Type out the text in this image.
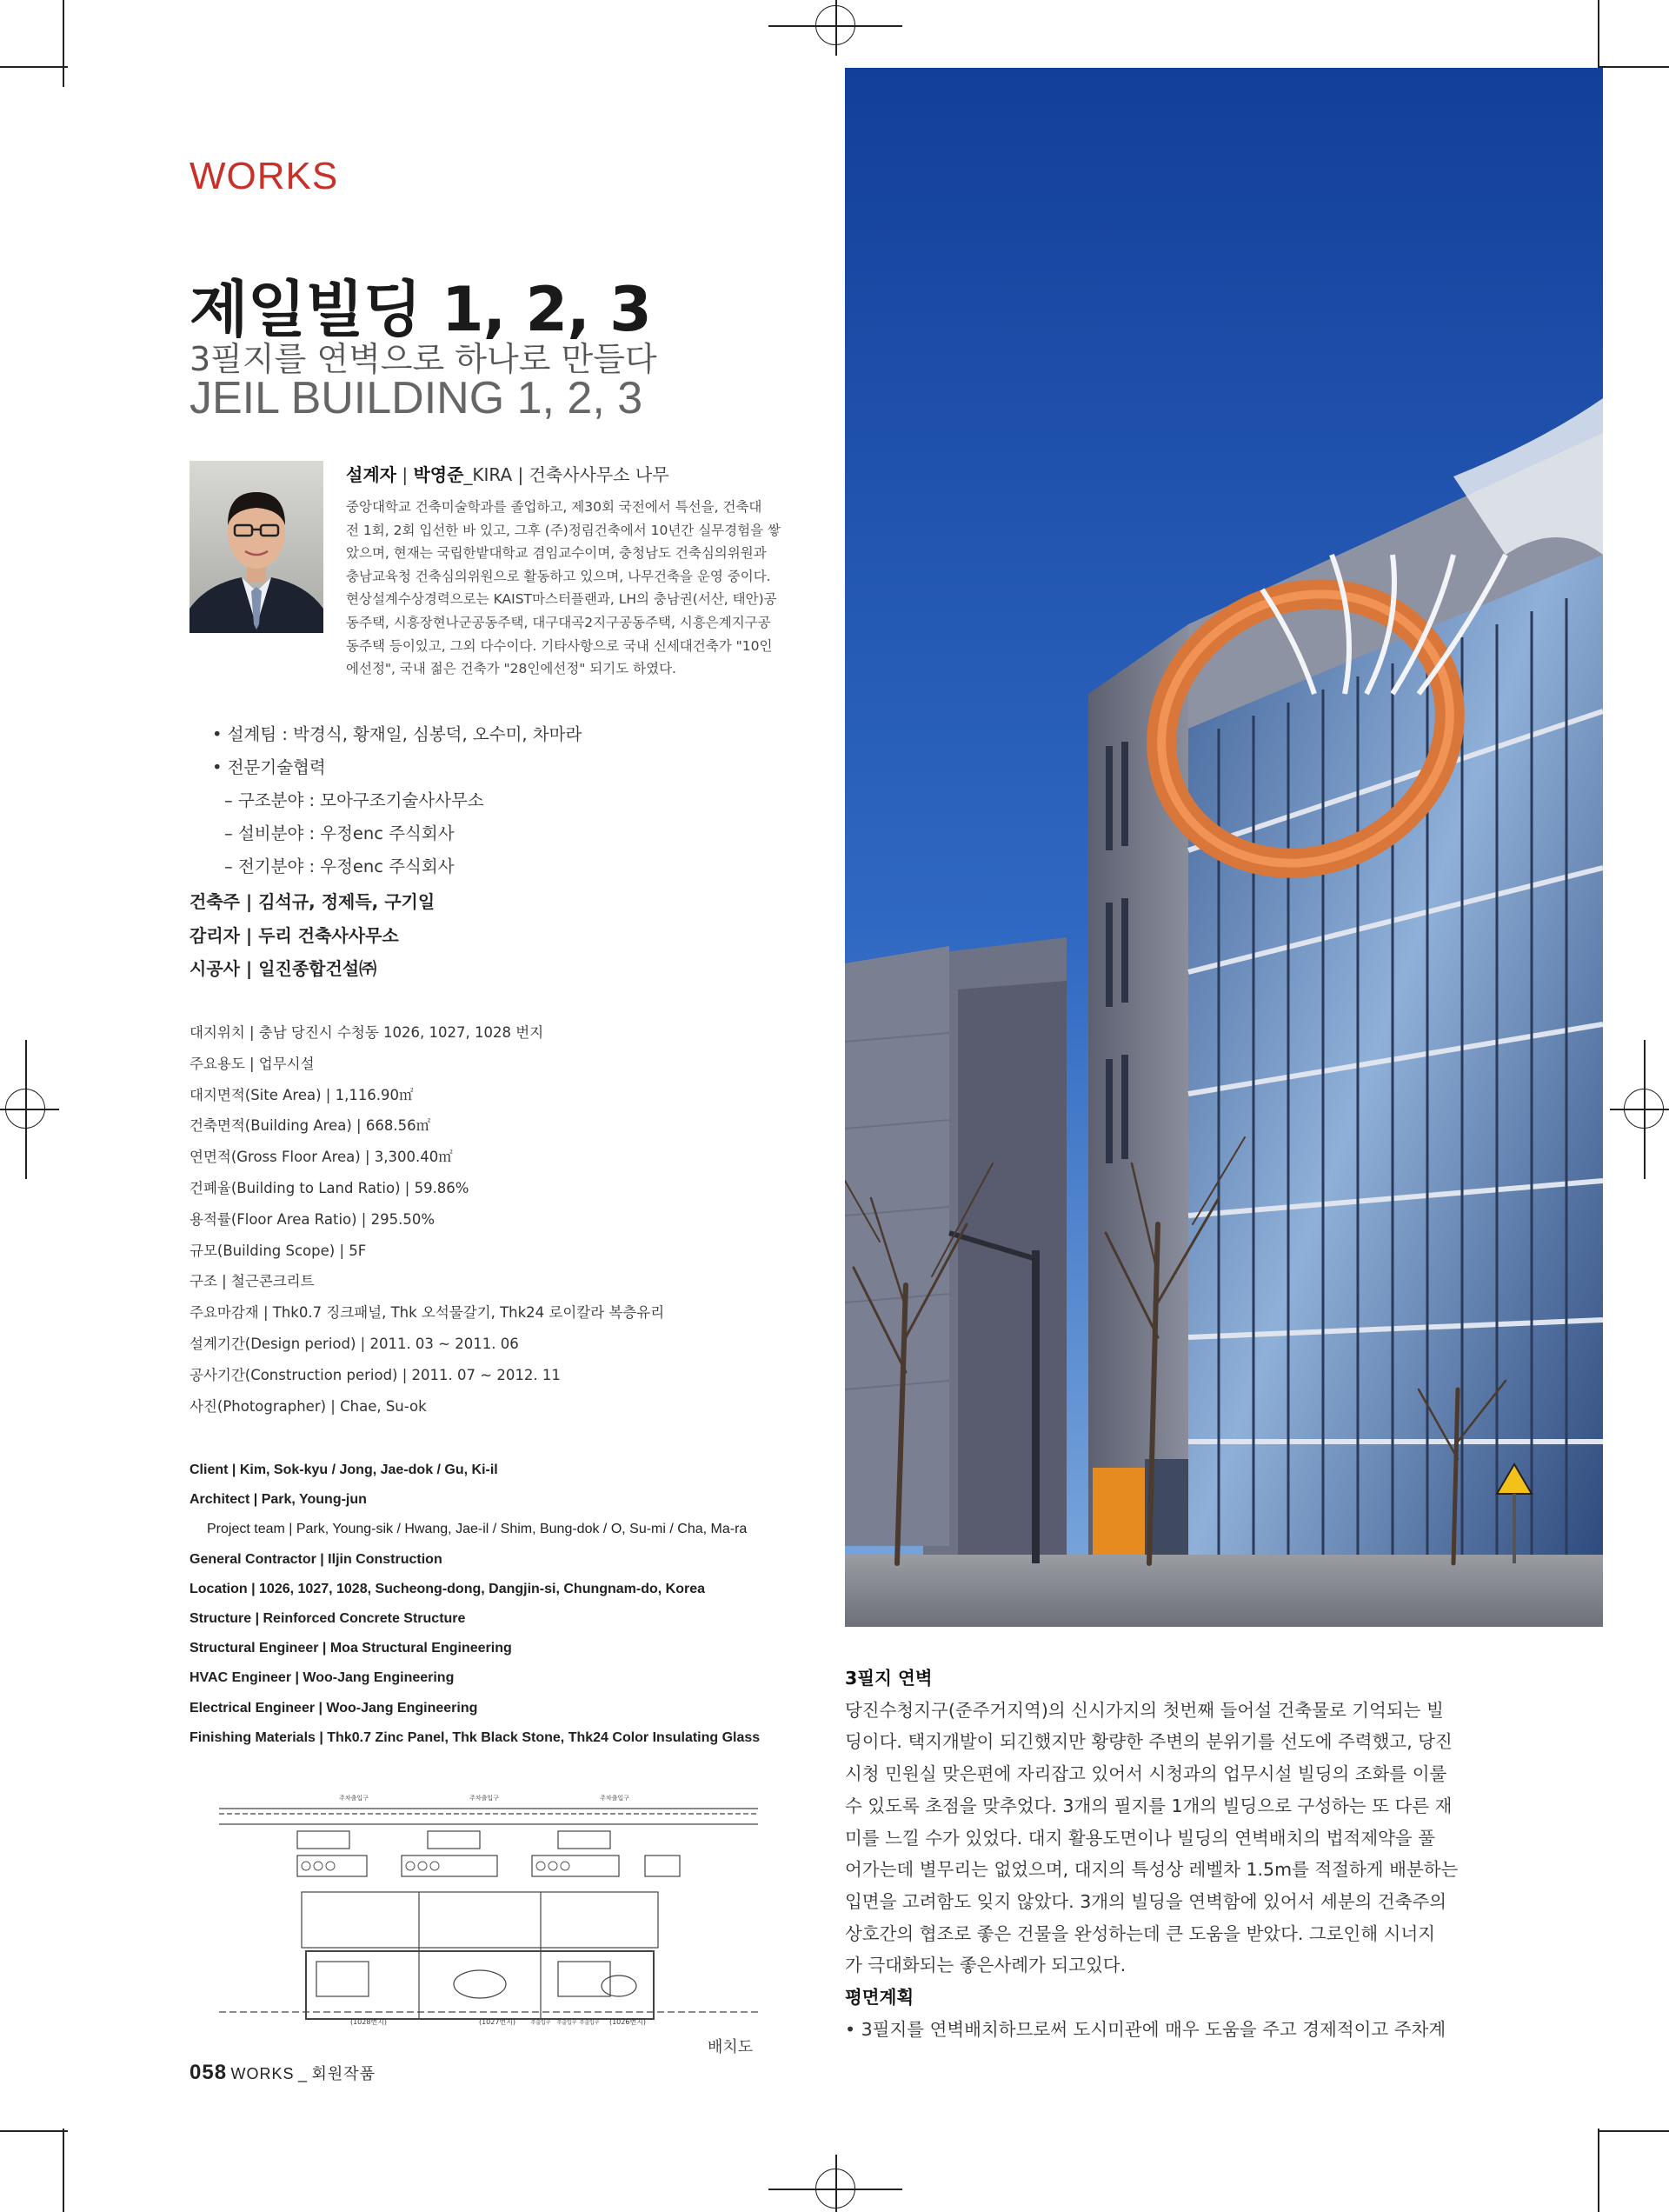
WORKS
제일빌딩 1, 2, 3
3필지를 연벽으로 하나로 만들다
JEIL BUILDING 1, 2, 3
설계자 | 박영준_KIRA | 건축사사무소 나무
중앙대학교 건축미술학과를 졸업하고, 제30회 국전에서 특선을, 건축대
전 1회, 2회 입선한 바 있고, 그후 (주)정림건축에서 10년간 실무경험을 쌓
았으며, 현재는 국립한밭대학교 겸임교수이며, 충청남도 건축심의위원과
충남교육청 건축심의위원으로 활동하고 있으며, 나무건축을 운영 중이다.
현상설계수상경력으로는 KAIST마스터플랜과, LH의 충남권(서산, 태안)공
동주택, 시흥장현나군공동주택, 대구대곡2지구공동주택, 시흥은계지구공
동주택 등이있고, 그외 다수이다. 기타사항으로 국내 신세대건축가 "10인
에선정", 국내 젊은 건축가 "28인에선정" 되기도 하였다.
• 설계팀 : 박경식, 황재일, 심봉덕, 오수미, 차마라
• 전문기술협력
– 구조분야 : 모아구조기술사사무소
– 설비분야 : 우정enc 주식회사
– 전기분야 : 우정enc 주식회사
건축주 | 김석규, 정제득, 구기일
감리자 | 두리 건축사사무소
시공사 | 일진종합건설㈜
대지위치 | 충남 당진시 수청동 1026, 1027, 1028 번지
주요용도 | 업무시설
대지면적(Site Area) | 1,116.90㎡
건축면적(Building Area) | 668.56㎡
연면적(Gross Floor Area) | 3,300.40㎡
건폐율(Building to Land Ratio) | 59.86%
용적률(Floor Area Ratio) | 295.50%
규모(Building Scope) | 5F
구조 | 철근콘크리트
주요마감재 | Thk0.7 징크패널, Thk 오석물갈기, Thk24 로이칼라 복층유리
설계기간(Design period) | 2011. 03 ~ 2011. 06
공사기간(Construction period) | 2011. 07 ~ 2012. 11
사진(Photographer) | Chae, Su-ok
Client | Kim, Sok-kyu / Jong, Jae-dok / Gu, Ki-il
Architect | Park, Young-jun
Project team | Park, Young-sik / Hwang, Jae-il / Shim, Bung-dok / O, Su-mi / Cha, Ma-ra
General Contractor | Iljin Construction
Location | 1026, 1027, 1028, Sucheong-dong, Dangjin-si, Chungnam-do, Korea
Structure | Reinforced Concrete Structure
Structural Engineer | Moa Structural Engineering
HVAC Engineer | Woo-Jang Engineering
Electrical Engineer | Woo-Jang Engineering
Finishing Materials | Thk0.7 Zinc Panel, Thk Black Stone, Thk24 Color Insulating Glass
주차출입구	주차출입구	주차출입구
(1028번지)	(1027번지)	(1026번지)
주출입구 주출입구 주출입구
배치도
058 WORKS _ 회원작품
3필지 연벽
당진수청지구(준주거지역)의 신시가지의 첫번째 들어설 건축물로 기억되는 빌
딩이다. 택지개발이 되긴했지만 황량한 주변의 분위기를 선도에 주력했고, 당진
시청 민원실 맞은편에 자리잡고 있어서 시청과의 업무시설 빌딩의 조화를 이룰
수 있도록 초점을 맞추었다. 3개의 필지를 1개의 빌딩으로 구성하는 또 다른 재
미를 느낄 수가 있었다. 대지 활용도면이나 빌딩의 연벽배치의 법적제약을 풀
어가는데 별무리는 없었으며, 대지의 특성상 레벨차 1.5m를 적절하게 배분하는
입면을 고려함도 잊지 않았다. 3개의 빌딩을 연벽함에 있어서 세분의 건축주의
상호간의 협조로 좋은 건물을 완성하는데 큰 도움을 받았다. 그로인해 시너지
가 극대화되는 좋은사례가 되고있다.
평면계획
• 3필지를 연벽배치하므로써 도시미관에 매우 도움을 주고 경제적이고 주차계
